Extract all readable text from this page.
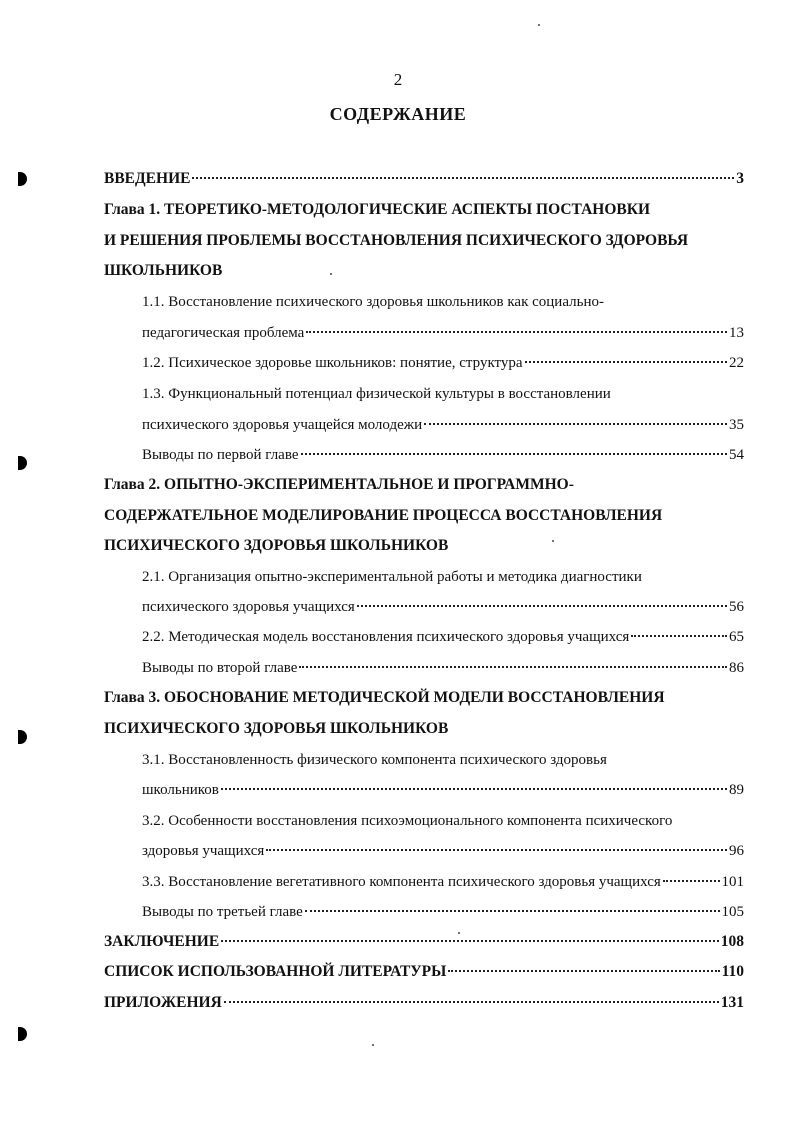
2
СОДЕРЖАНИЕ
ВВЕДЕНИЕ	3
Глава 1. ТЕОРЕТИКО-МЕТОДОЛОГИЧЕСКИЕ АСПЕКТЫ ПОСТАНОВКИ
И РЕШЕНИЯ ПРОБЛЕМЫ ВОССТАНОВЛЕНИЯ ПСИХИЧЕСКОГО ЗДОРОВЬЯ
ШКОЛЬНИКОВ
1.1. Восстановление психического здоровья школьников как социально-
педагогическая проблема	13
1.2. Психическое здоровье школьников: понятие, структура	22
1.3. Функциональный потенциал физической культуры в восстановлении
психического здоровья учащейся молодежи	35
Выводы по первой главе	54
Глава 2. ОПЫТНО-ЭКСПЕРИМЕНТАЛЬНОЕ И ПРОГРАММНО-
СОДЕРЖАТЕЛЬНОЕ МОДЕЛИРОВАНИЕ ПРОЦЕССА ВОССТАНОВЛЕНИЯ
ПСИХИЧЕСКОГО ЗДОРОВЬЯ ШКОЛЬНИКОВ
2.1. Организация опытно-экспериментальной работы и методика диагностики
психического здоровья учащихся	56
2.2. Методическая модель восстановления психического здоровья учащихся	65
Выводы по второй главе	86
Глава 3. ОБОСНОВАНИЕ МЕТОДИЧЕСКОЙ МОДЕЛИ ВОССТАНОВЛЕНИЯ
ПСИХИЧЕСКОГО ЗДОРОВЬЯ ШКОЛЬНИКОВ
3.1. Восстановленность физического компонента психического здоровья
школьников	89
3.2. Особенности восстановления психоэмоционального компонента психического
здоровья учащихся	96
3.3. Восстановление вегетативного компонента психического здоровья учащихся	101
Выводы по третьей главе	105
ЗАКЛЮЧЕНИЕ	108
СПИСОК ИСПОЛЬЗОВАННОЙ ЛИТЕРАТУРЫ	110
ПРИЛОЖЕНИЯ	131
